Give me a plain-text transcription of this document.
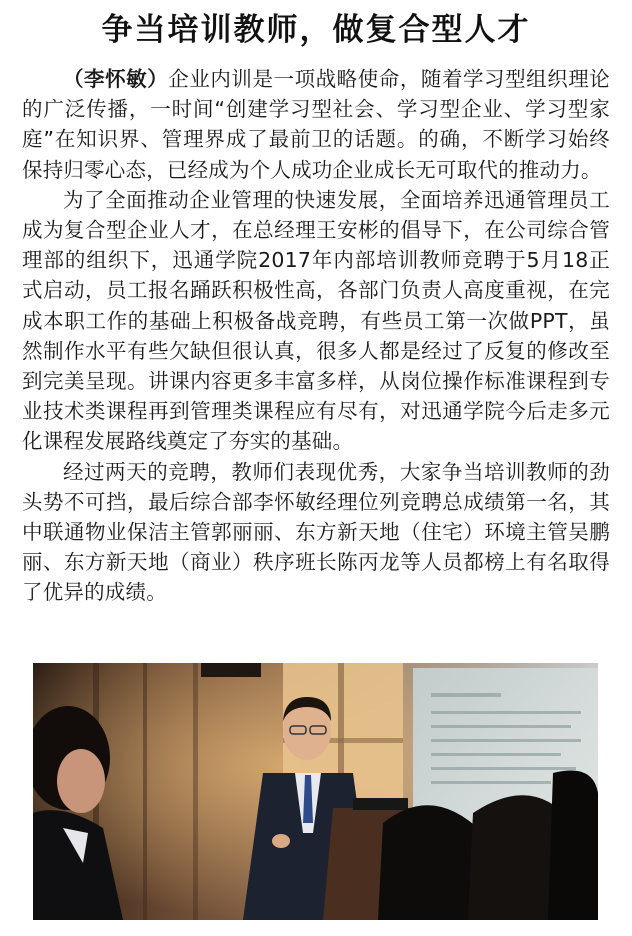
争当培训教师，做复合型人才

（李怀敏）企业内训是一项战略使命，随着学习型组织理论的广泛传播，一时间“创建学习型社会、学习型企业、学习型家庭”在知识界、管理界成了最前卫的话题。的确，不断学习始终保持归零心态，已经成为个人成功企业成长无可取代的推动力。

为了全面推动企业管理的快速发展，全面培养迅通管理员工成为复合型企业人才，在总经理王安彬的倡导下，在公司综合管理部的组织下，迅通学院2017年内部培训教师竞聘于5月18正式启动，员工报名踊跃积极性高，各部门负责人高度重视，在完成本职工作的基础上积极备战竞聘，有些员工第一次做PPT，虽然制作水平有些欠缺但很认真，很多人都是经过了反复的修改至到完美呈现。讲课内容更多丰富多样，从岗位操作标准课程到专业技术类课程再到管理类课程应有尽有，对迅通学院今后走多元化课程发展路线奠定了夯实的基础。

经过两天的竞聘，教师们表现优秀，大家争当培训教师的劲头势不可挡，最后综合部李怀敏经理位列竞聘总成绩第一名，其中联通物业保洁主管郭丽丽、东方新天地（住宅）环境主管吴鹏丽、东方新天地（商业）秩序班长陈丙龙等人员都榜上有名取得了优异的成绩。
